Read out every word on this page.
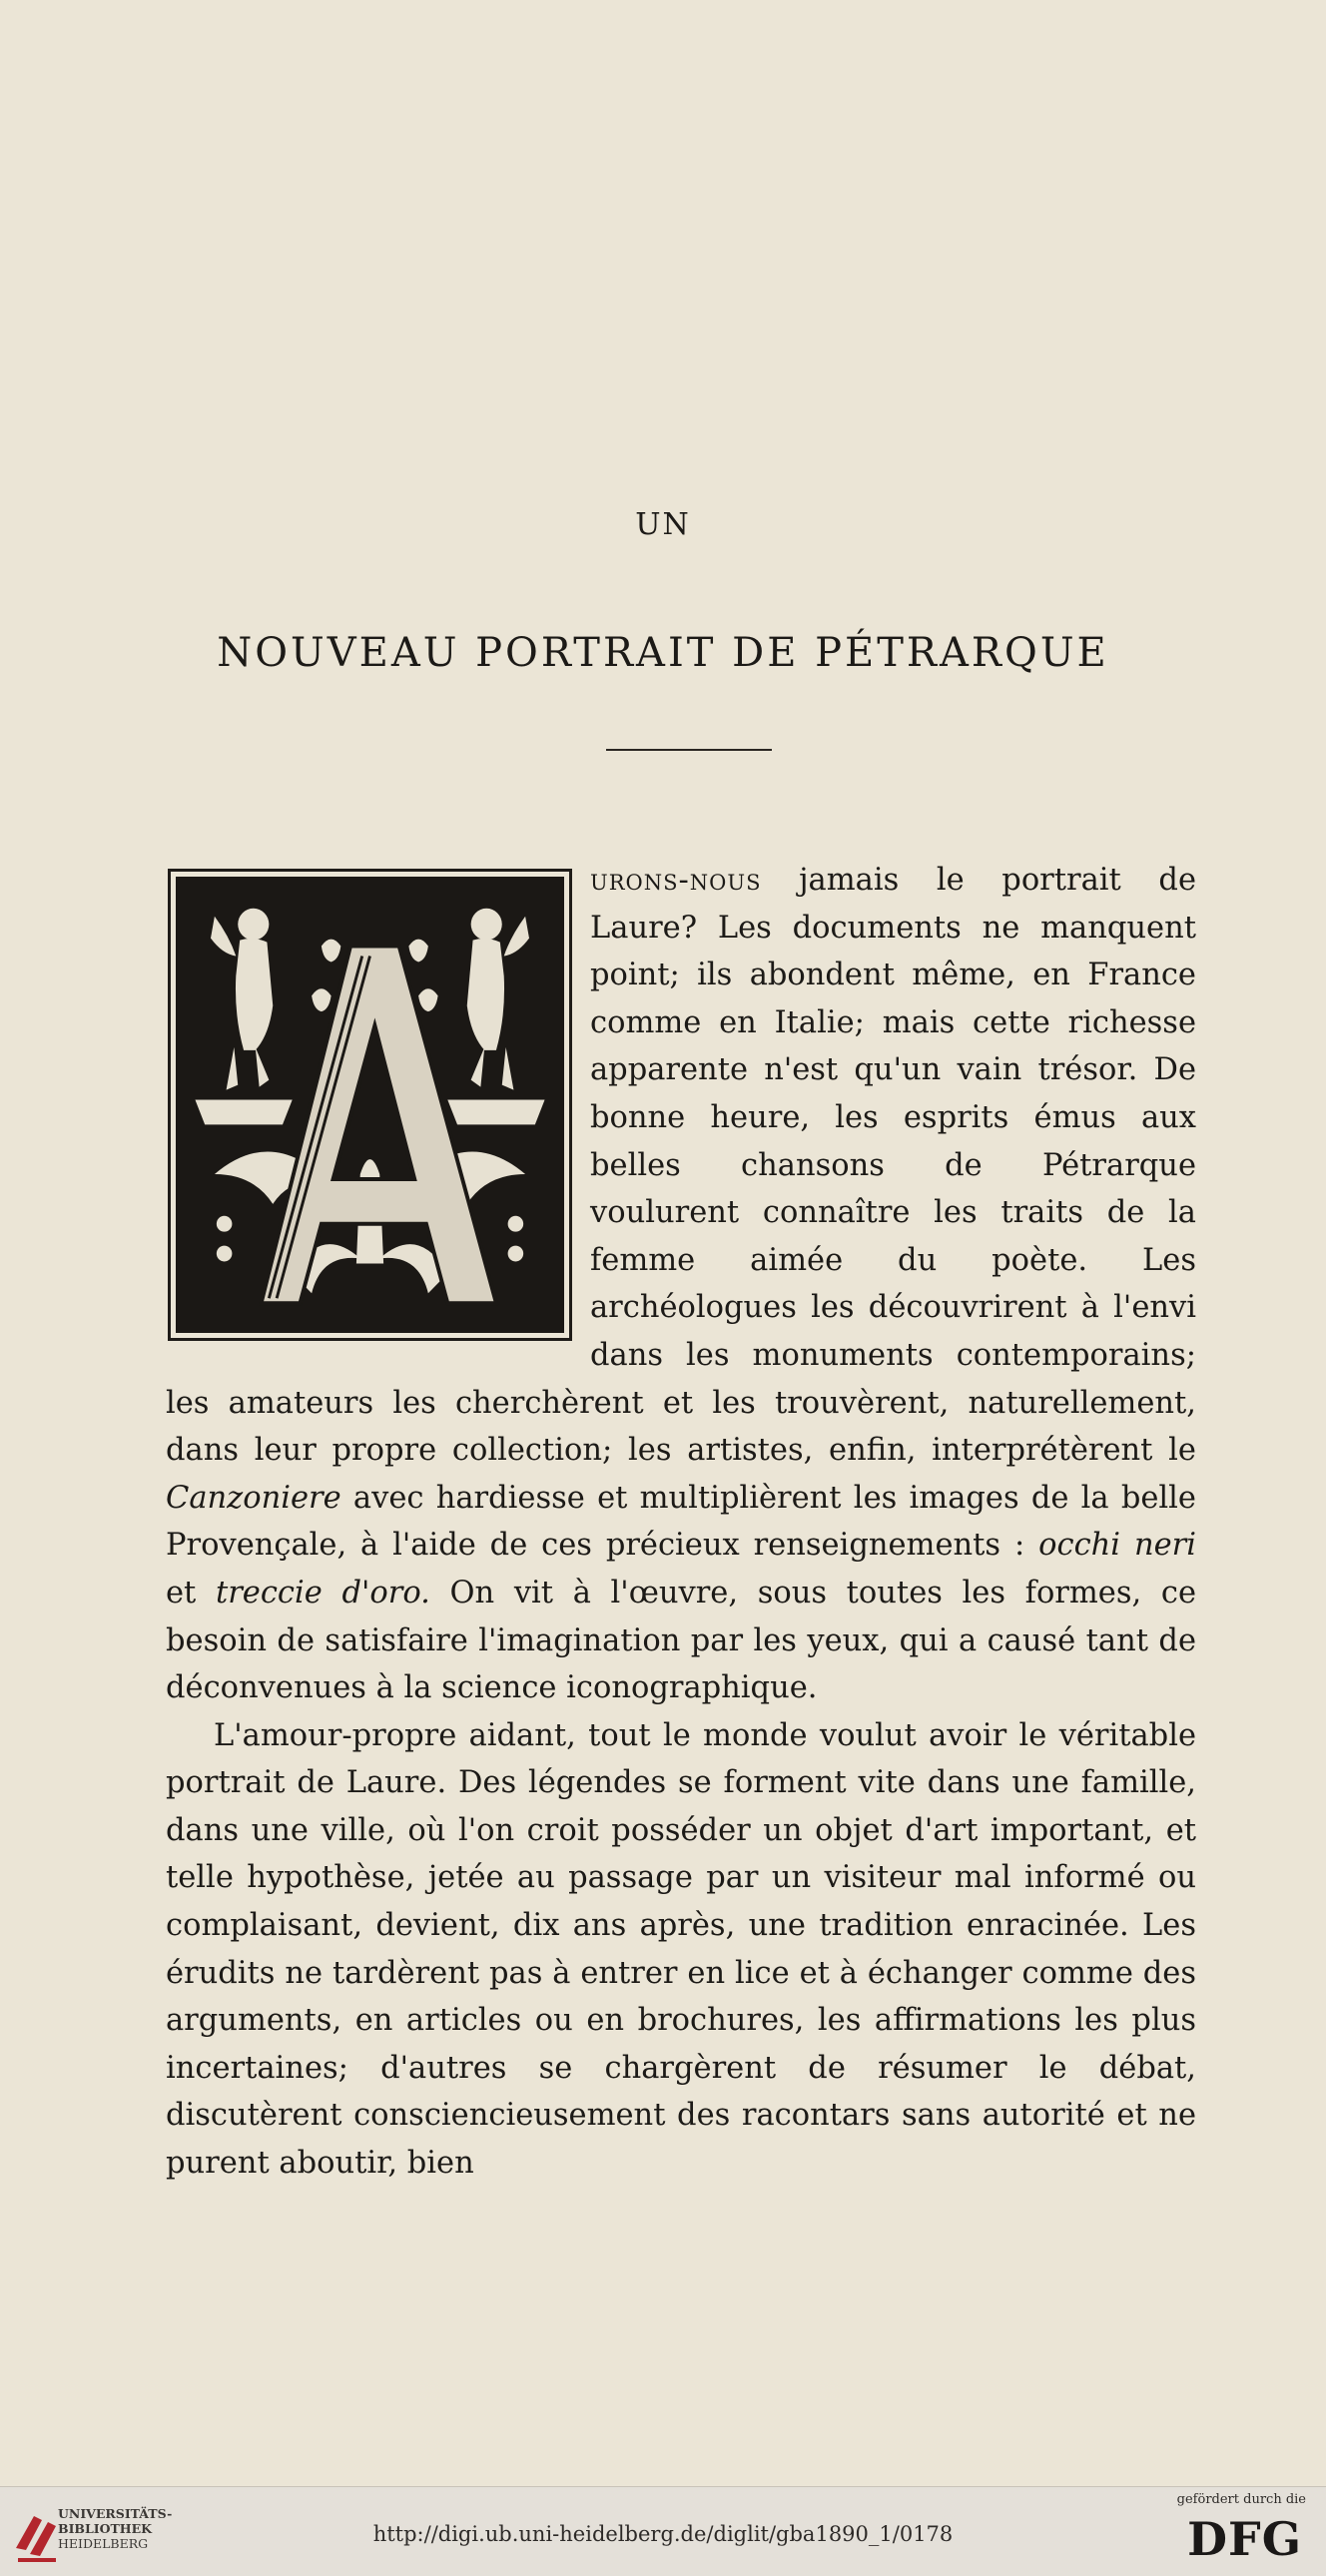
UN
NOUVEAU PORTRAIT DE PÉTRARQUE

urons-nous jamais le portrait de Laure? Les documents ne manquent point; ils abondent même, en France comme en Italie; mais cette richesse apparente n'est qu'un vain trésor. De bonne heure, les esprits émus aux belles chansons de Pétrarque voulurent connaître les traits de la femme aimée du poète. Les archéologues les découvrirent à l'envi dans les monuments contemporains; les amateurs les cherchèrent et les trouvèrent, naturellement, dans leur propre collection; les artistes, enfin, interprétèrent le Canzoniere avec hardiesse et multiplièrent les images de la belle Provençale, à l'aide de ces précieux renseignements : occhi neri et treccie d'oro. On vit à l'œuvre, sous toutes les formes, ce besoin de satisfaire l'imagination par les yeux, qui a causé tant de déconvenues à la science iconographique.

L'amour-propre aidant, tout le monde voulut avoir le véritable portrait de Laure. Des légendes se forment vite dans une famille, dans une ville, où l'on croit posséder un objet d'art important, et telle hypothèse, jetée au passage par un visiteur mal informé ou complaisant, devient, dix ans après, une tradition enracinée. Les érudits ne tardèrent pas à entrer en lice et à échanger comme des arguments, en articles ou en brochures, les affirmations les plus incertaines; d'autres se chargèrent de résumer le débat, discutèrent consciencieusement des racontars sans autorité et ne purent aboutir, bien

UNIVERSITÄTS-
BIBLIOTHEK
HEIDELBERG	http://digi.ub.uni-heidelberg.de/diglit/gba1890_1/0178
gefördert durch die
DFG
